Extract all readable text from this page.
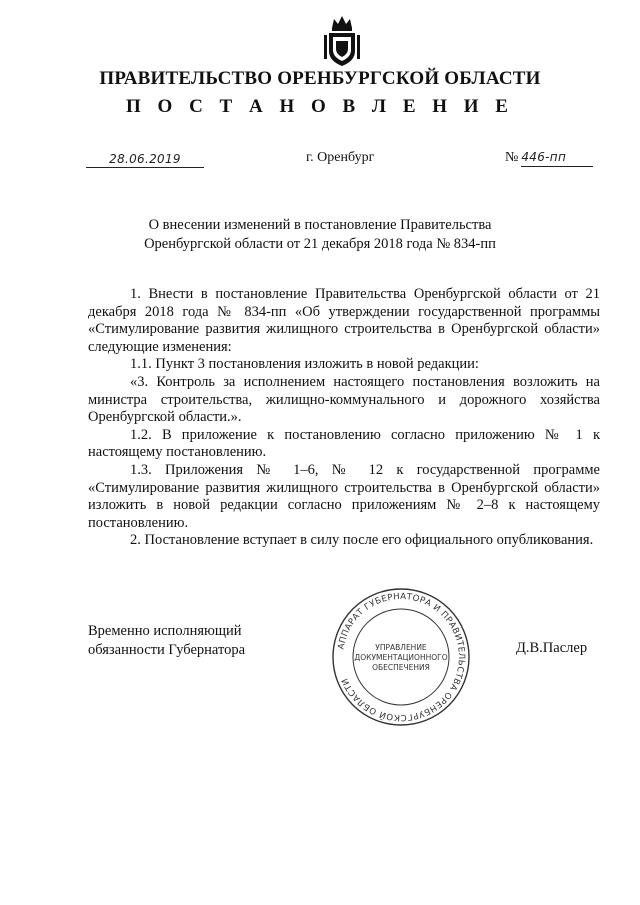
ПРАВИТЕЛЬСТВО ОРЕНБУРГСКОЙ ОБЛАСТИ
П О С Т А Н О В Л Е Н И Е
28.06.2019	г. Оренбург	№ 446-пп
О внесении изменений в постановление Правительства
Оренбургской области от 21 декабря 2018 года № 834-пп

1. Внести в постановление Правительства Оренбургской области от 21 декабря 2018 года № 834-пп «Об утверждении государственной программы «Стимулирование развития жилищного строительства в Оренбургской области» следующие изменения:

1.1. Пункт 3 постановления изложить в новой редакции:

«3. Контроль за исполнением настоящего постановления возложить на министра строительства, жилищно-коммунального и дорожного хозяйства Оренбургской области.».

1.2. В приложение к постановлению согласно приложению № 1 к настоящему постановлению.

1.3. Приложения № 1–6, № 12 к государственной программе «Стимулирование развития жилищного строительства в Оренбургской области» изложить в новой редакции согласно приложениям № 2–8 к настоящему постановлению.

2. Постановление вступает в силу после его официального опубликования.

Временно исполняющий
обязанности Губернатора	Д.В.Паслер
АППАРАТ ГУБЕРНАТОРА И ПРАВИТЕЛЬСТВА ОРЕНБУРГСКОЙ ОБЛАСТИ
УПРАВЛЕНИЕ
ДОКУМЕНТАЦИОННОГО
ОБЕСПЕЧЕНИЯ
